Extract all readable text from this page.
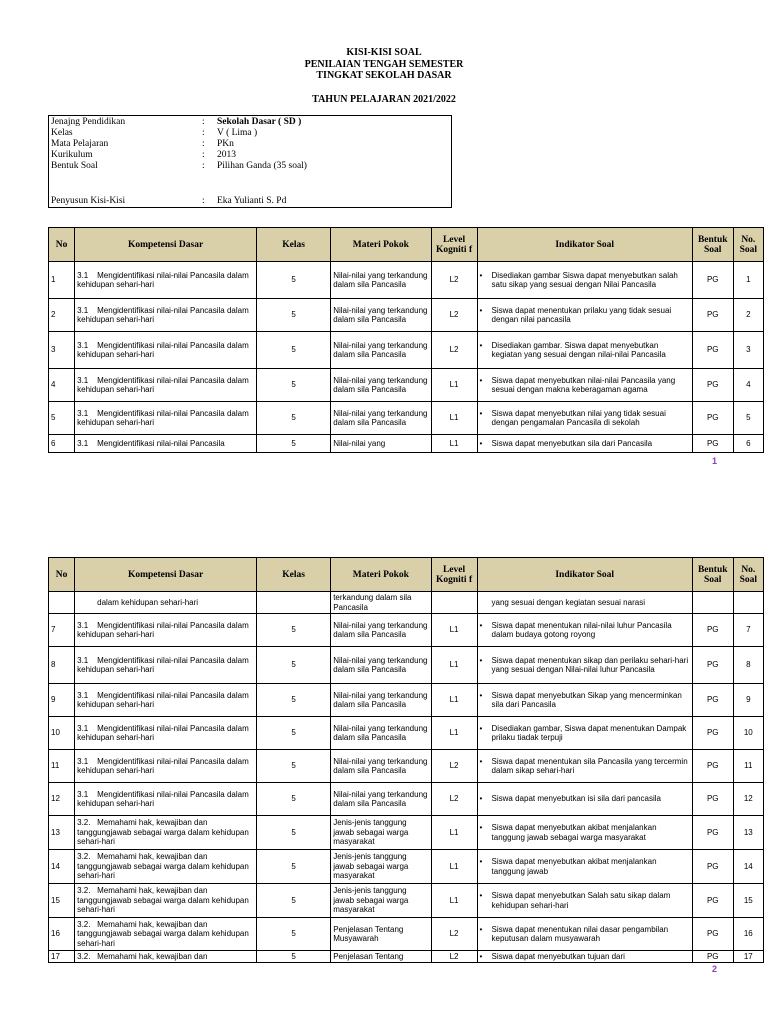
KISI-KISI SOAL
PENILAIAN TENGAH SEMESTER
TINGKAT SEKOLAH DASAR
TAHUN PELAJARAN 2021/2022
Jenajng Pendidikan	: Sekolah Dasar ( SD )
Kelas	: V ( Lima )
Mata Pelajaran	: PKn
Kurikulum	: 2013
Bentuk Soal	: Pilihan Ganda (35 soal)
Penyusun Kisi-Kisi	: Eka Yulianti S. Pd
No	Kompetensi Dasar	Kelas	Materi Pokok	Level Kogniti f	Indikator Soal	Bentuk Soal	No. Soal
1	3.1 Mengidentifikasi nilai-nilai Pancasila dalam kehidupan sehari-hari	5	Nilai-nilai yang terkandung dalam sila Pancasila	L2	• Disediakan gambar Siswa dapat menyebutkan salah satu sikap yang sesuai dengan Nilai Pancasila	PG	1
2	3.1 Mengidentifikasi nilai-nilai Pancasila dalam kehidupan sehari-hari	5	Nilai-nilai yang terkandung dalam sila Pancasila	L2	• Siswa dapat menentukan prilaku yang tidak sesuai dengan nilai pancasila	PG	2
3	3.1 Mengidentifikasi nilai-nilai Pancasila dalam kehidupan sehari-hari	5	Nilai-nilai yang terkandung dalam sila Pancasila	L2	• Disediakan gambar. Siswa dapat menyebutkan kegiatan yang sesuai dengan nilai-nilai Pancasila	PG	3
4	3.1 Mengidentifikasi nilai-nilai Pancasila dalam kehidupan sehari-hari	5	Nilai-nilai yang terkandung dalam sila Pancasila	L1	• Siswa dapat menyebutkan nilai-nilai Pancasila yang sesuai dengan makna keberagaman agama	PG	4
5	3.1 Mengidentifikasi nilai-nilai Pancasila dalam kehidupan sehari-hari	5	Nilai-nilai yang terkandung dalam sila Pancasila	L1	• Siswa dapat menyebutkan nilai yang tidak sesuai dengan pengamalan Pancasila di sekolah	PG	5
6	3.1 Mengidentifikasi nilai-nilai Pancasila	5	Nilai-nilai yang	L1	• Siswa dapat menyebutkan sila dari Pancasila	PG	6
1
No	Kompetensi Dasar	Kelas	Materi Pokok	Level Kogniti f	Indikator Soal	Bentuk Soal	No. Soal

	dalam kehidupan sehari-hari		terkandung dalam sila Pancasila		yang sesuai dengan kegiatan sesuai narasi		

7	3.1 Mengidentifikasi nilai-nilai Pancasila dalam kehidupan sehari-hari	5	Nilai-nilai yang terkandung dalam sila Pancasila	L1	• Siswa dapat menentukan nilai-nilai luhur Pancasila dalam budaya gotong royong	PG	7
8	3.1 Mengidentifikasi nilai-nilai Pancasila dalam kehidupan sehari-hari	5	Nilai-nilai yang terkandung dalam sila Pancasila	L1	• Siswa dapat menentukan sikap dan perilaku sehari-hari yang sesuai dengan Nilai-nilai luhur Pancasila	PG	8
9	3.1 Mengidentifikasi nilai-nilai Pancasila dalam kehidupan sehari-hari	5	Nilai-nilai yang terkandung dalam sila Pancasila	L1	• Siswa dapat menyebutkan Sikap yang mencerminkan sila dari Pancasila	PG	9
10	3.1 Mengidentifikasi nilai-nilai Pancasila dalam kehidupan sehari-hari	5	Nilai-nilai yang terkandung dalam sila Pancasila	L1	• Disediakan gambar, Siswa dapat menentukan Dampak prilaku tiadak terpuji	PG	10
11	3.1 Mengidentifikasi nilai-nilai Pancasila dalam kehidupan sehari-hari	5	Nilai-nilai yang terkandung dalam sila Pancasila	L2	• Siswa dapat menentukan sila Pancasila yang tercermin dalam sikap sehari-hari	PG	11
12	3.1 Mengidentifikasi nilai-nilai Pancasila dalam kehidupan sehari-hari	5	Nilai-nilai yang terkandung dalam sila Pancasila	L2	• Siswa dapat menyebutkan isi sila dari pancasila	PG	12
13	3.2. Memahami hak, kewajiban dan tanggungjawab sebagai warga dalam kehidupan sehari-hari	5	Jenis-jenis tanggung jawab sebagai warga masyarakat	L1	• Siswa dapat menyebutkan akibat menjalankan tanggung jawab sebagai warga masyarakat	PG	13
14	3.2. Memahami hak, kewajiban dan tanggungjawab sebagai warga dalam kehidupan sehari-hari	5	Jenis-jenis tanggung jawab sebagai warga masyarakat	L1	• Siswa dapat menyebutkan akibat menjalankan tanggung jawab	PG	14
15	3.2. Memahami hak, kewajiban dan tanggungjawab sebagai warga dalam kehidupan sehari-hari	5	Jenis-jenis tanggung jawab sebagai warga masyarakat	L1	• Siswa dapat menyebutkan Salah satu sikap dalam kehidupan sehari-hari	PG	15
16	3.2. Memahami hak, kewajiban dan tanggungjawab sebagai warga dalam kehidupan sehari-hari	5	Penjelasan Tentang Musyawarah	L2	• Siswa dapat menentukan nilai dasar pengambilan keputusan dalam musyawarah	PG	16
17	3.2. Memahami hak, kewajiban dan	5	Penjelasan Tentang	L2	• Siswa dapat menyebutkan tujuan dari	PG	17
2
